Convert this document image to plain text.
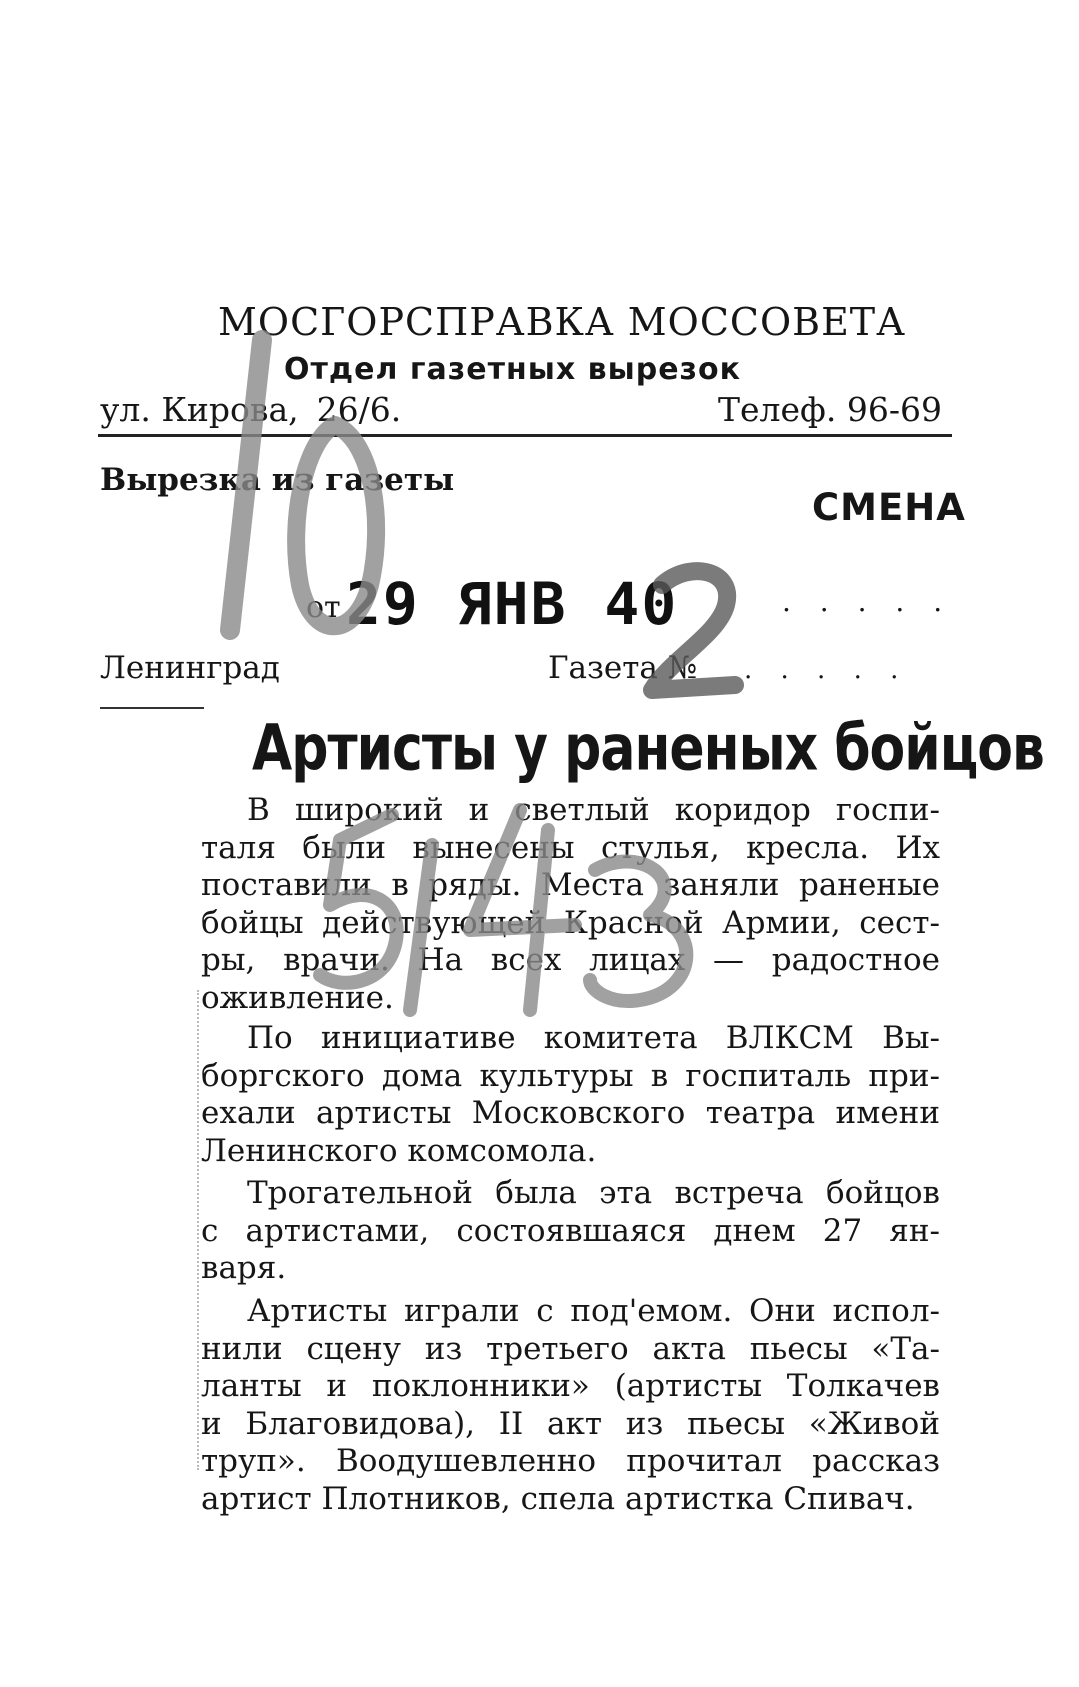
МОСГОРСПРАВКА МОССОВЕТА
Отдел газетных вырезок
ул. Кирова, 26/6.	Телеф. 96-69
Вырезка из газеты
СМЕНА
от 29 ЯНВ 40	. . . . .
Ленинград	Газета № . . . . .
Артисты у раненых бойцов
В широкий и светлый коридор госпи-
таля были вынесены стулья, кресла. Их
поставили в ряды. Места заняли раненые
бойцы действующей Красной Армии, сест-
ры, врачи. На всех лицах — радостное
оживление.
По инициативе комитета ВЛКСМ Вы-
боргского дома культуры в госпиталь при-
ехали артисты Московского театра имени
Ленинского комсомола.
Трогательной была эта встреча бойцов
с артистами, состоявшаяся днем 27 ян-
варя.
Артисты играли с под'емом. Они испол-
нили сцену из третьего акта пьесы «Та-
ланты и поклонники» (артисты Толкачев
и Благовидова), II акт из пьесы «Живой
труп». Воодушевленно прочитал рассказ
артист Плотников, спела артистка Спивач.
